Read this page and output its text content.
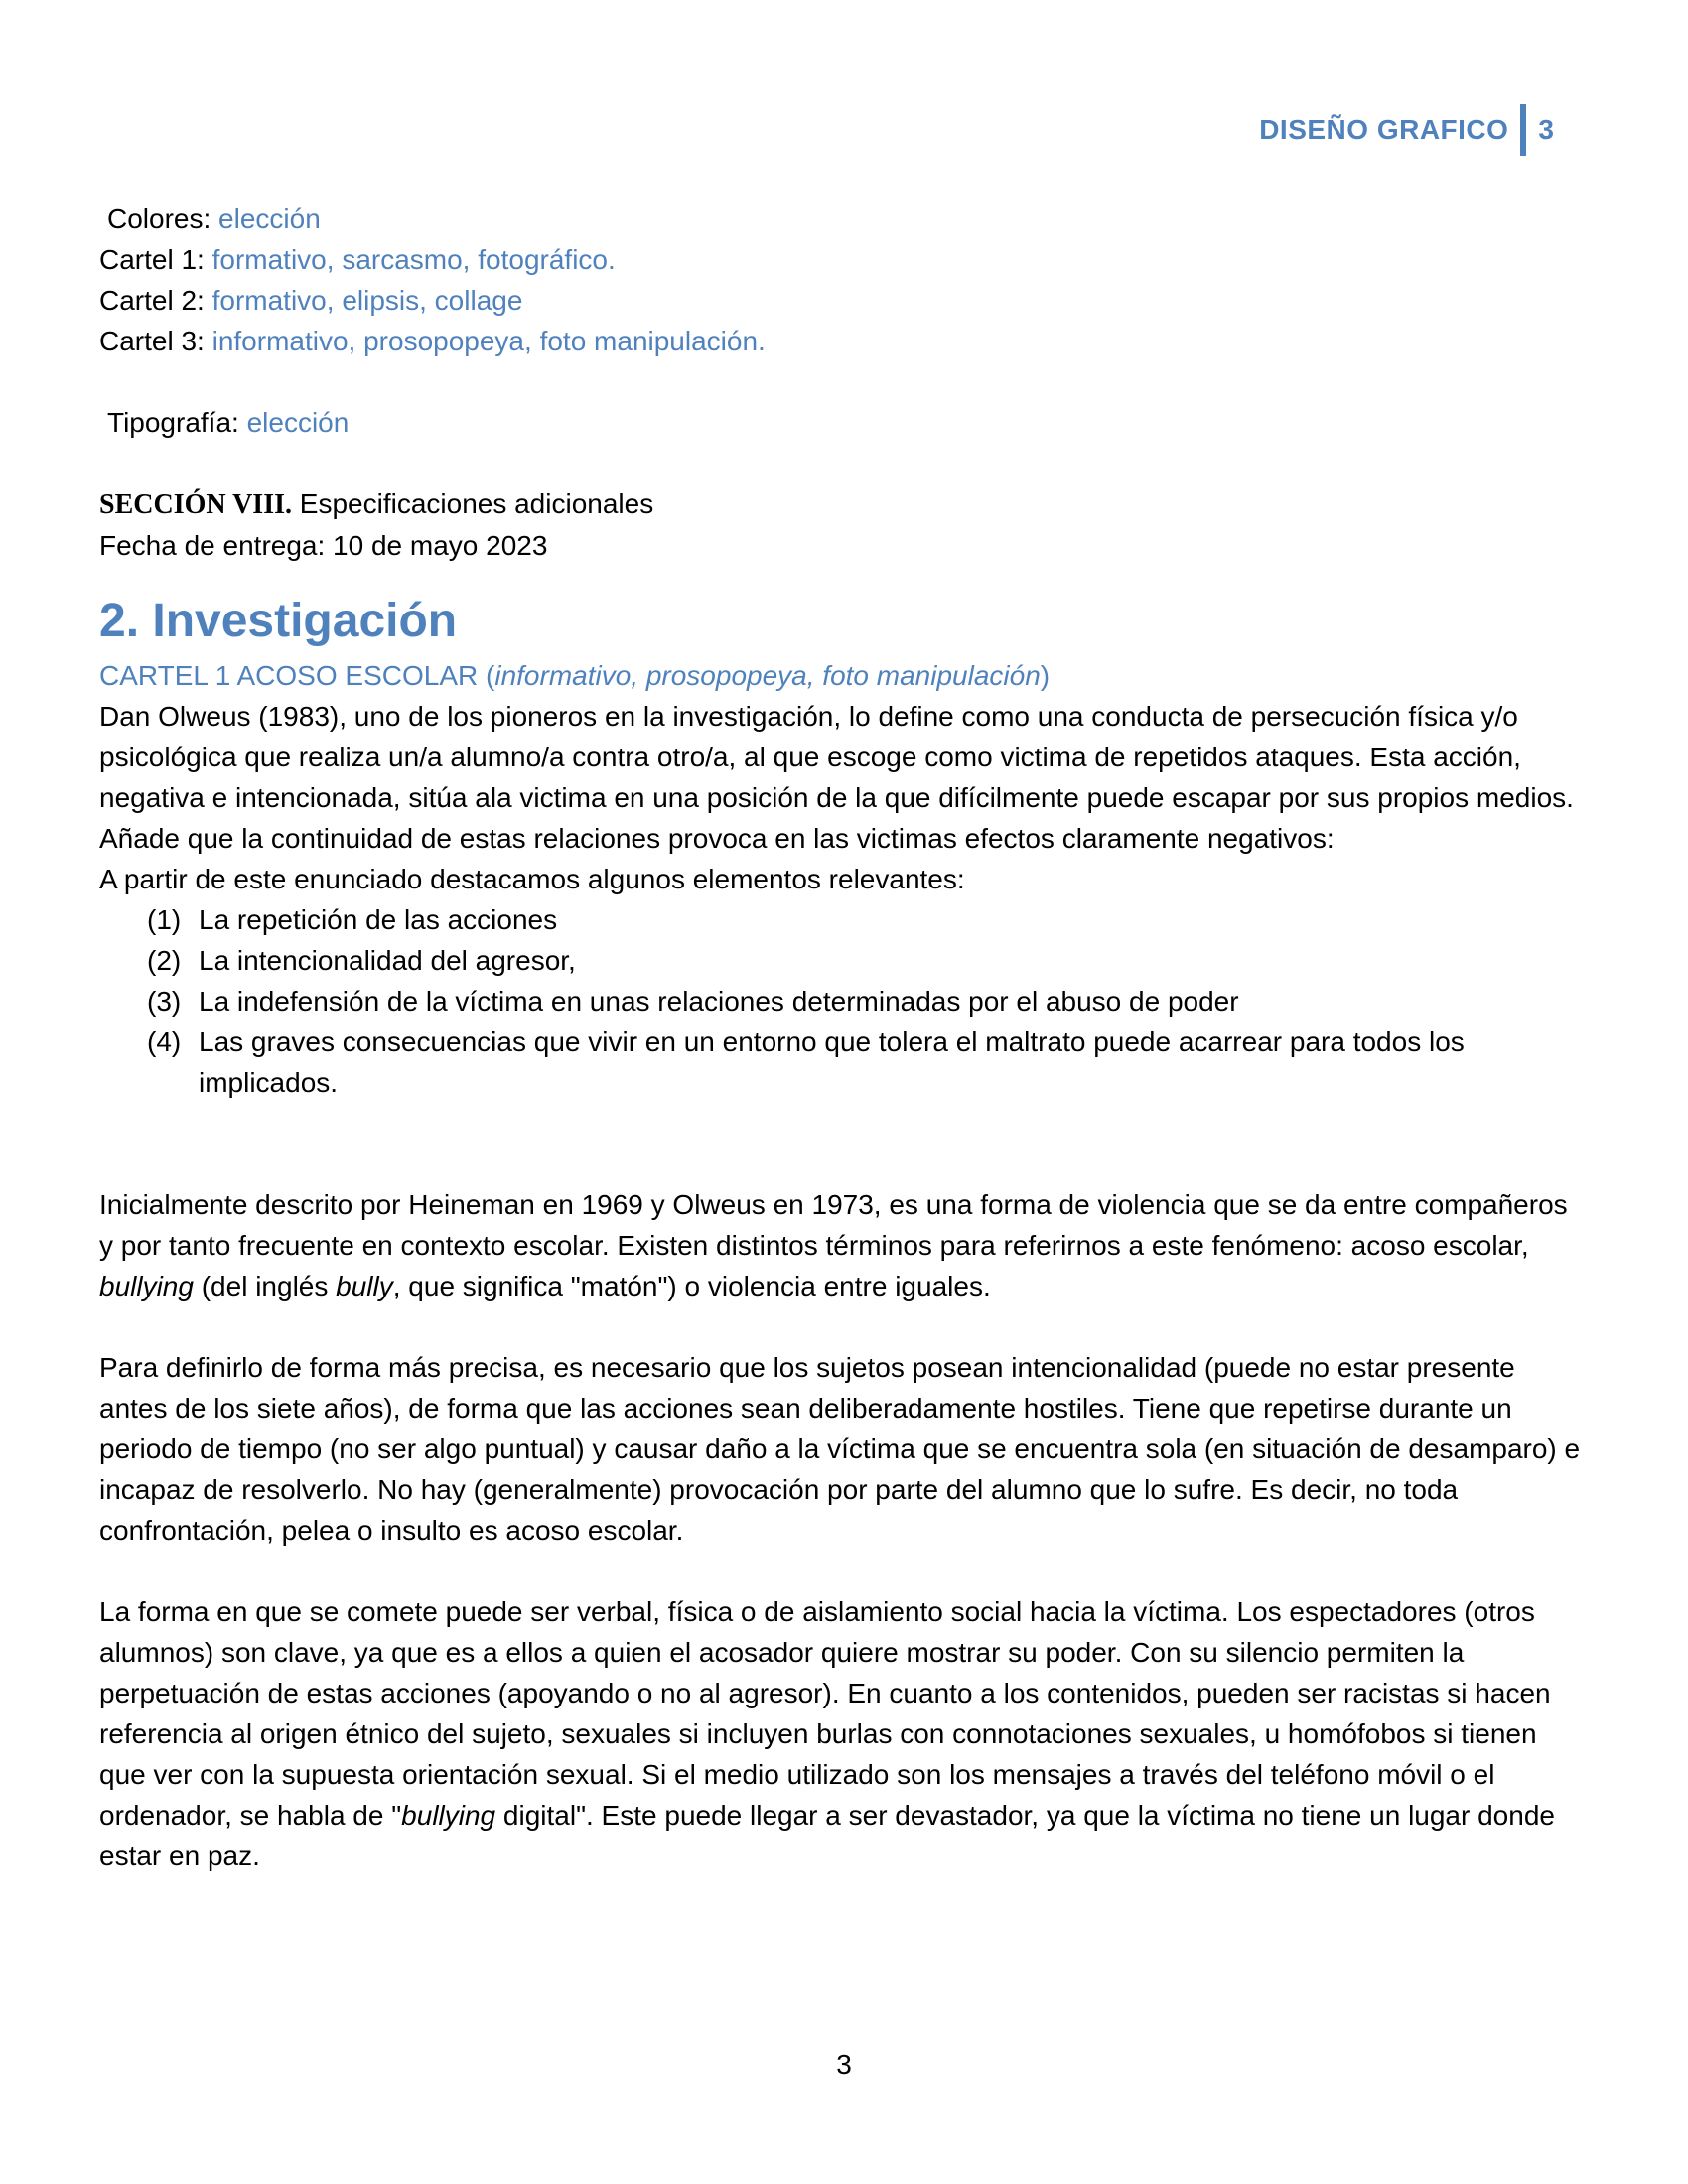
DISEÑO GRAFICO 3
Colores: elección
Cartel 1: formativo, sarcasmo, fotográfico.
Cartel 2: formativo, elipsis, collage
Cartel 3: informativo, prosopopeya, foto manipulación.
Tipografía: elección
SECCIÓN VIII. Especificaciones adicionales
Fecha de entrega: 10 de mayo 2023
2. Investigación
CARTEL 1 ACOSO ESCOLAR (informativo, prosopopeya, foto manipulación)
Dan Olweus (1983), uno de los pioneros en la investigación, lo define como una conducta de persecución física y/o psicológica que realiza un/a alumno/a contra otro/a, al que escoge como victima de repetidos ataques. Esta acción, negativa e intencionada, sitúa ala victima en una posición de la que difícilmente puede escapar por sus propios medios. Añade que la continuidad de estas relaciones provoca en las victimas efectos claramente negativos:
A partir de este enunciado destacamos algunos elementos relevantes:
(1) La repetición de las acciones
(2) La intencionalidad del agresor,
(3) La indefensión de la víctima en unas relaciones determinadas por el abuso de poder
(4) Las graves consecuencias que vivir en un entorno que tolera el maltrato puede acarrear para todos los implicados.
Inicialmente descrito por Heineman en 1969 y Olweus en 1973, es una forma de violencia que se da entre compañeros y por tanto frecuente en contexto escolar. Existen distintos términos para referirnos a este fenómeno: acoso escolar, bullying (del inglés bully, que significa "matón") o violencia entre iguales.
Para definirlo de forma más precisa, es necesario que los sujetos posean intencionalidad (puede no estar presente antes de los siete años), de forma que las acciones sean deliberadamente hostiles. Tiene que repetirse durante un periodo de tiempo (no ser algo puntual) y causar daño a la víctima que se encuentra sola (en situación de desamparo) e incapaz de resolverlo. No hay (generalmente) provocación por parte del alumno que lo sufre. Es decir, no toda confrontación, pelea o insulto es acoso escolar.
La forma en que se comete puede ser verbal, física o de aislamiento social hacia la víctima. Los espectadores (otros alumnos) son clave, ya que es a ellos a quien el acosador quiere mostrar su poder. Con su silencio permiten la perpetuación de estas acciones (apoyando o no al agresor). En cuanto a los contenidos, pueden ser racistas si hacen referencia al origen étnico del sujeto, sexuales si incluyen burlas con connotaciones sexuales, u homófobos si tienen que ver con la supuesta orientación sexual. Si el medio utilizado son los mensajes a través del teléfono móvil o el ordenador, se habla de "bullying digital". Este puede llegar a ser devastador, ya que la víctima no tiene un lugar donde estar en paz.
3
